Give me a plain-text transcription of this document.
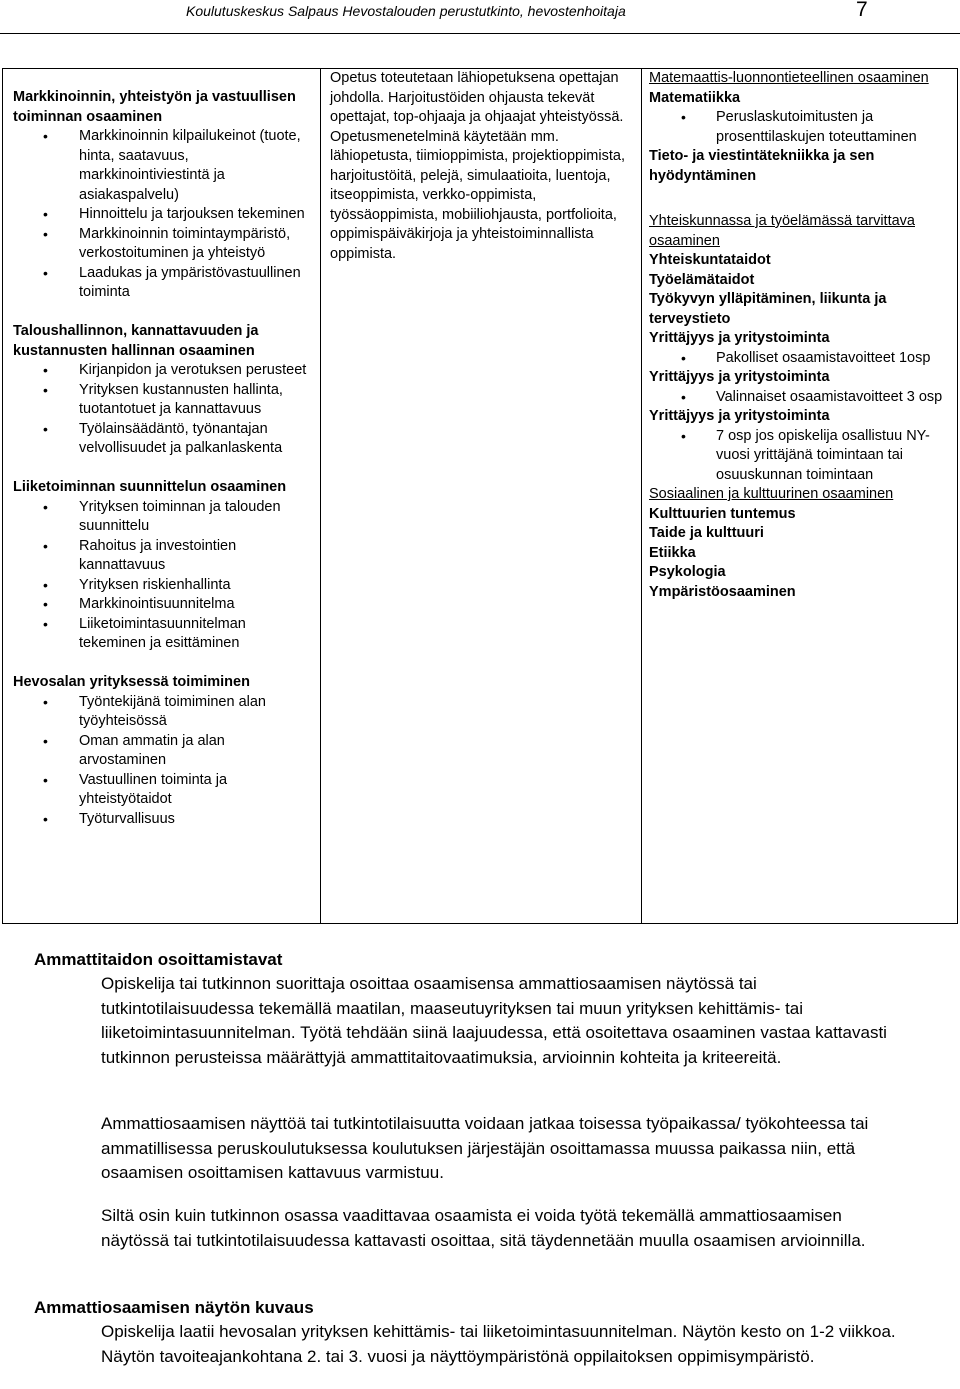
Koulutuskeskus Salpaus Hevostalouden perustutkinto, hevostenhoitaja	7
Markkinoinnin, yhteistyön ja vastuullisen toiminnan osaaminen
• Markkinoinnin kilpailukeinot (tuote, hinta, saatavuus, markkinointiviestintä ja asiakaspalvelu)
• Hinnoittelu ja tarjouksen tekeminen
• Markkinoinnin toimintaympäristö, verkostoituminen ja yhteistyö
• Laadukas ja ympäristövastuullinen toiminta
Taloushallinnon, kannattavuuden ja kustannusten hallinnan osaaminen
• Kirjanpidon ja verotuksen perusteet
• Yrityksen kustannusten hallinta, tuotantotuet ja kannattavuus
• Työlainsäädäntö, työnantajan velvollisuudet ja palkanlaskenta
Liiketoiminnan suunnittelun osaaminen
• Yrityksen toiminnan ja talouden suunnittelu
• Rahoitus ja investointien kannattavuus
• Yrityksen riskienhallinta
• Markkinointisuunnitelma
• Liiketoimintasuunnitelman tekeminen ja esittäminen
Hevosalan yrityksessä toimiminen
• Työntekijänä toimiminen alan työyhteisössä
• Oman ammatin ja alan arvostaminen
• Vastuullinen toiminta ja yhteistyötaidot
• Työturvallisuus

Opetus toteutetaan lähiopetuksena opettajan johdolla. Harjoitustöiden ohjausta tekevät opettajat, top-ohjaaja ja ohjaajat yhteistyössä.

Opetusmenetelminä käytetään mm. lähiopetusta, tiimioppimista, projektioppimista, harjoitustöitä, pelejä, simulaatioita, luentoja, itseoppimista, verkko-oppimista, työssäoppimista, mobiiliohjausta, portfolioita, oppimispäiväkirjoja ja yhteistoiminnallista oppimista.

Matemaattis-luonnontieteellinen osaaminen
Matematiikka
• Peruslaskutoimitusten ja prosenttilaskujen toteuttaminen
Tieto- ja viestintätekniikka ja sen hyödyntäminen
Yhteiskunnassa ja työelämässä tarvittava osaaminen
Yhteiskuntataidot
Työelämätaidot
Työkyvyn ylläpitäminen, liikunta ja terveystieto
Yrittäjyys ja yritystoiminta
• Pakolliset osaamistavoitteet 1osp
Yrittäjyys ja yritystoiminta
• Valinnaiset osaamistavoitteet 3 osp
Yrittäjyys ja yritystoiminta
• 7 osp jos opiskelija osallistuu NY-vuosi yrittäjänä toimintaan tai osuuskunnan toimintaan
Sosiaalinen ja kulttuurinen osaaminen
Kulttuurien tuntemus
Taide ja kulttuuri
Etiikka
Psykologia
Ympäristöosaaminen
Ammattitaidon osoittamistavat
Opiskelija tai tutkinnon suorittaja osoittaa osaamisensa ammattiosaamisen näytössä tai tutkintotilaisuudessa tekemällä maatilan, maaseutuyrityksen tai muun yrityksen kehittämis- tai liiketoimintasuunnitelman. Työtä tehdään siinä laajuudessa, että osoitettava osaaminen vastaa kattavasti tutkinnon perusteissa määrättyjä ammattitaitovaatimuksia, arvioinnin kohteita ja kriteereitä.
Ammattiosaamisen näyttöä tai tutkintotilaisuutta voidaan jatkaa toisessa työpaikassa/ työkohteessa tai ammatillisessa peruskoulutuksessa koulutuksen järjestäjän osoittamassa muussa paikassa niin, että osaamisen osoittamisen kattavuus varmistuu.
Siltä osin kuin tutkinnon osassa vaadittavaa osaamista ei voida työtä tekemällä ammattiosaamisen näytössä tai tutkintotilaisuudessa kattavasti osoittaa, sitä täydennetään muulla osaamisen arvioinnilla.
Ammattiosaamisen näytön kuvaus
Opiskelija laatii hevosalan yrityksen kehittämis- tai liiketoimintasuunnitelman. Näytön kesto on 1-2 viikkoa. Näytön tavoiteajankohtana 2. tai 3. vuosi ja näyttöympäristönä oppilaitoksen oppimisympäristö.
